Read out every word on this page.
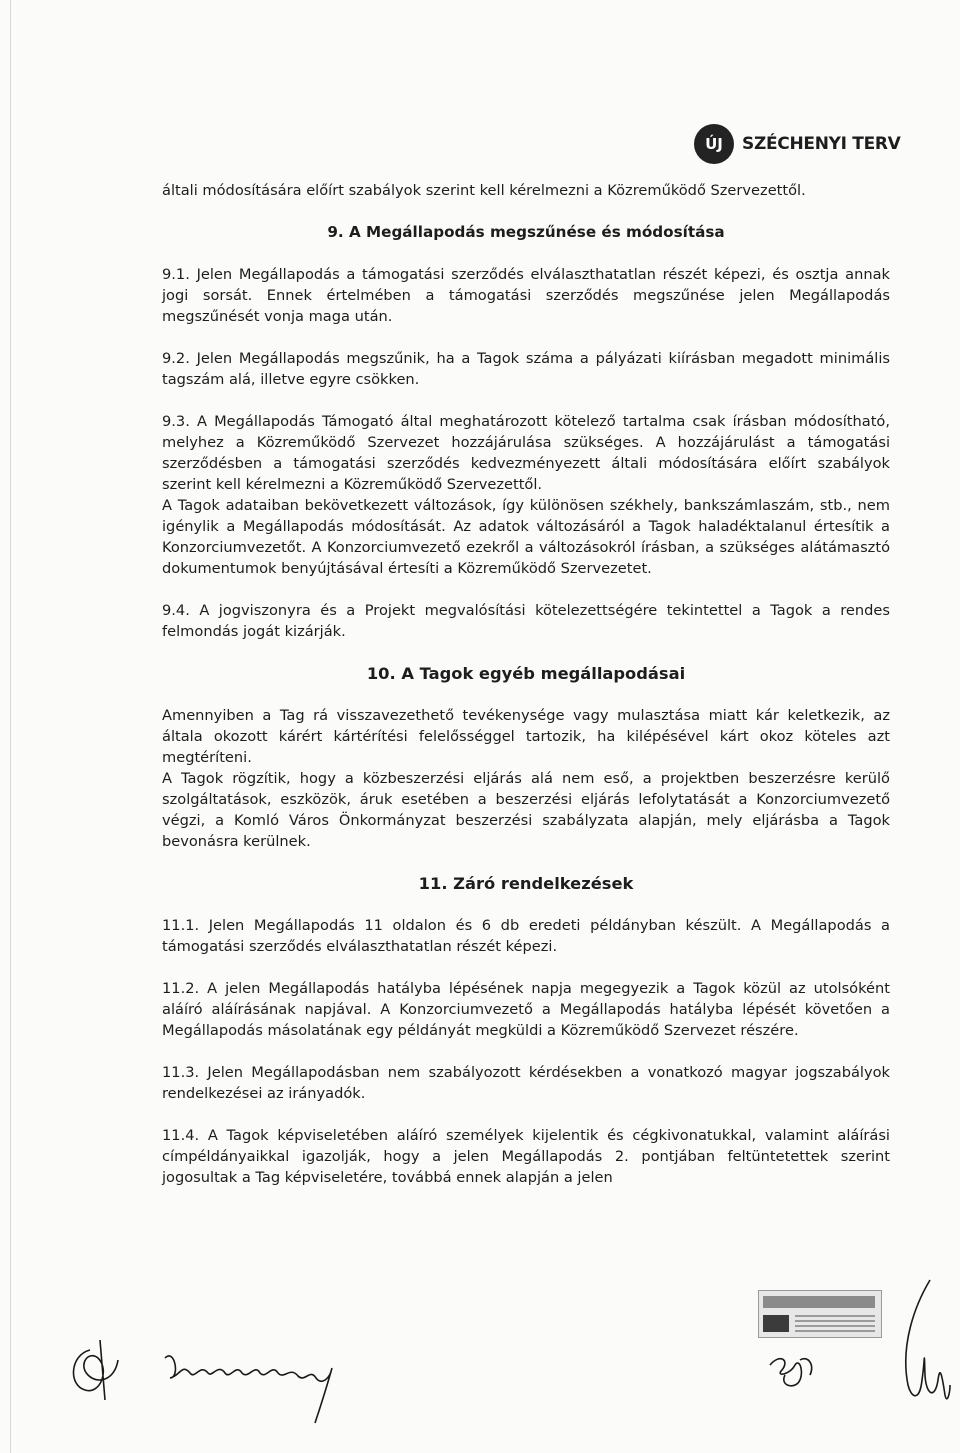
ÚJ	SZÉCHENYI TERV

általi módosítására előírt szabályok szerint kell kérelmezni a Közreműködő Szervezettől.

9. A Megállapodás megszűnése és módosítása

9.1. Jelen Megállapodás a támogatási szerződés elválaszthatatlan részét képezi, és osztja annak jogi sorsát. Ennek értelmében a támogatási szerződés megszűnése jelen Megállapodás megszűnését vonja maga után.

9.2. Jelen Megállapodás megszűnik, ha a Tagok száma a pályázati kiírásban megadott minimális tagszám alá, illetve egyre csökken.

9.3. A Megállapodás Támogató által meghatározott kötelező tartalma csak írásban módosítható, melyhez a Közreműködő Szervezet hozzájárulása szükséges. A hozzájárulást a támogatási szerződésben a támogatási szerződés kedvezményezett általi módosítására előírt szabályok szerint kell kérelmezni a Közreműködő Szervezettől.

A Tagok adataiban bekövetkezett változások, így különösen székhely, bankszámlaszám, stb., nem igénylik a Megállapodás módosítását. Az adatok változásáról a Tagok haladéktalanul értesítik a Konzorciumvezetőt. A Konzorciumvezető ezekről a változásokról írásban, a szükséges alátámasztó dokumentumok benyújtásával értesíti a Közreműködő Szervezetet.

9.4. A jogviszonyra és a Projekt megvalósítási kötelezettségére tekintettel a Tagok a rendes felmondás jogát kizárják.

10. A Tagok egyéb megállapodásai

Amennyiben a Tag rá visszavezethető tevékenysége vagy mulasztása miatt kár keletkezik, az általa okozott kárért kártérítési felelősséggel tartozik, ha kilépésével kárt okoz köteles azt megtéríteni.

A Tagok rögzítik, hogy a közbeszerzési eljárás alá nem eső, a projektben beszerzésre kerülő szolgáltatások, eszközök, áruk esetében a beszerzési eljárás lefolytatását a Konzorciumvezető végzi, a Komló Város Önkormányzat beszerzési szabályzata alapján, mely eljárásba a Tagok bevonásra kerülnek.

11. Záró rendelkezések

11.1. Jelen Megállapodás 11 oldalon és 6 db eredeti példányban készült. A Megállapodás a támogatási szerződés elválaszthatatlan részét képezi.

11.2. A jelen Megállapodás hatályba lépésének napja megegyezik a Tagok közül az utolsóként aláíró aláírásának napjával. A Konzorciumvezető a Megállapodás hatályba lépését követően a Megállapodás másolatának egy példányát megküldi a Közreműködő Szervezet részére.

11.3. Jelen Megállapodásban nem szabályozott kérdésekben a vonatkozó magyar jogszabályok rendelkezései az irányadók.

11.4. A Tagok képviseletében aláíró személyek kijelentik és cégkivonatukkal, valamint aláírási címpéldányaikkal igazolják, hogy a jelen Megállapodás 2. pontjában feltüntetettek szerint jogosultak a Tag képviseletére, továbbá ennek alapján a jelen
